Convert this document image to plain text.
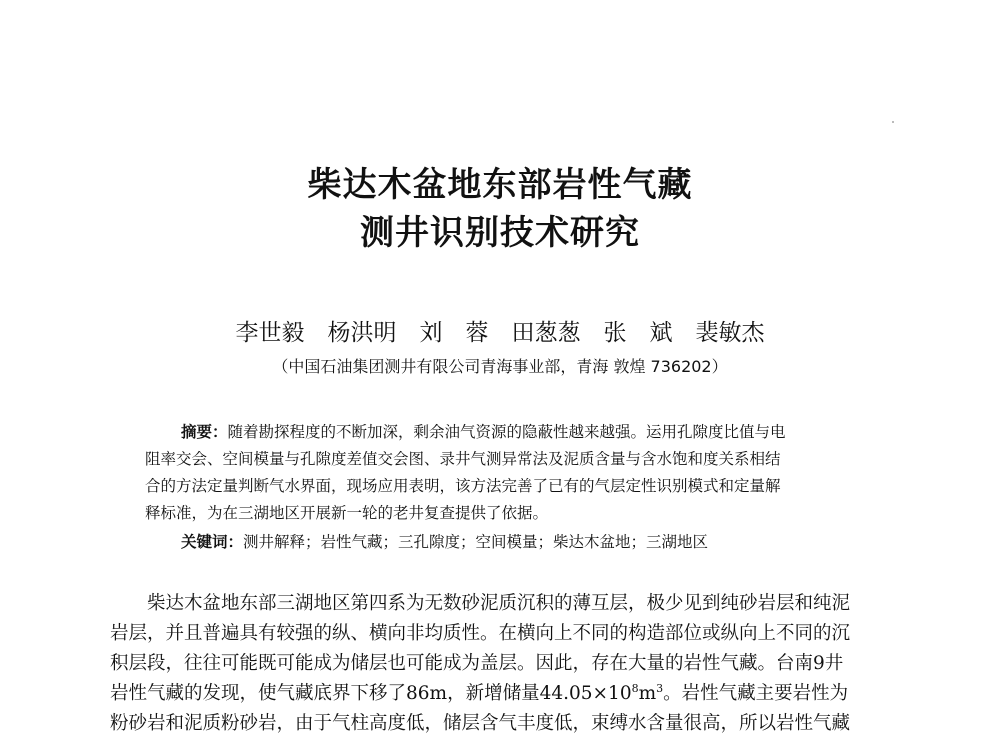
柴达木盆地东部岩性气藏
测井识别技术研究
李世毅　杨洪明　刘　蓉　田葱葱　张　斌　裴敏杰
（中国石油集团测井有限公司青海事业部，青海 敦煌 736202）
摘要：随着勘探程度的不断加深，剩余油气资源的隐蔽性越来越强。运用孔隙度比值与电
阻率交会、空间模量与孔隙度差值交会图、录井气测异常法及泥质含量与含水饱和度关系相结
合的方法定量判断气水界面，现场应用表明，该方法完善了已有的气层定性识别模式和定量解
释标准，为在三湖地区开展新一轮的老井复查提供了依据。
关键词：测井解释；岩性气藏；三孔隙度；空间模量；柴达木盆地；三湖地区
柴达木盆地东部三湖地区第四系为无数砂泥质沉积的薄互层，极少见到纯砂岩层和纯泥
岩层，并且普遍具有较强的纵、横向非均质性。在横向上不同的构造部位或纵向上不同的沉
积层段，往往可能既可能成为储层也可能成为盖层。因此，存在大量的岩性气藏。台南9井
岩性气藏的发现，使气藏底界下移了86m，新增储量$44.05\times 10^8m^3$。岩性气藏主要岩性为
粉砂岩和泥质粉砂岩，由于气柱高度低，储层含气丰度低，束缚水含量很高，所以岩性气藏
